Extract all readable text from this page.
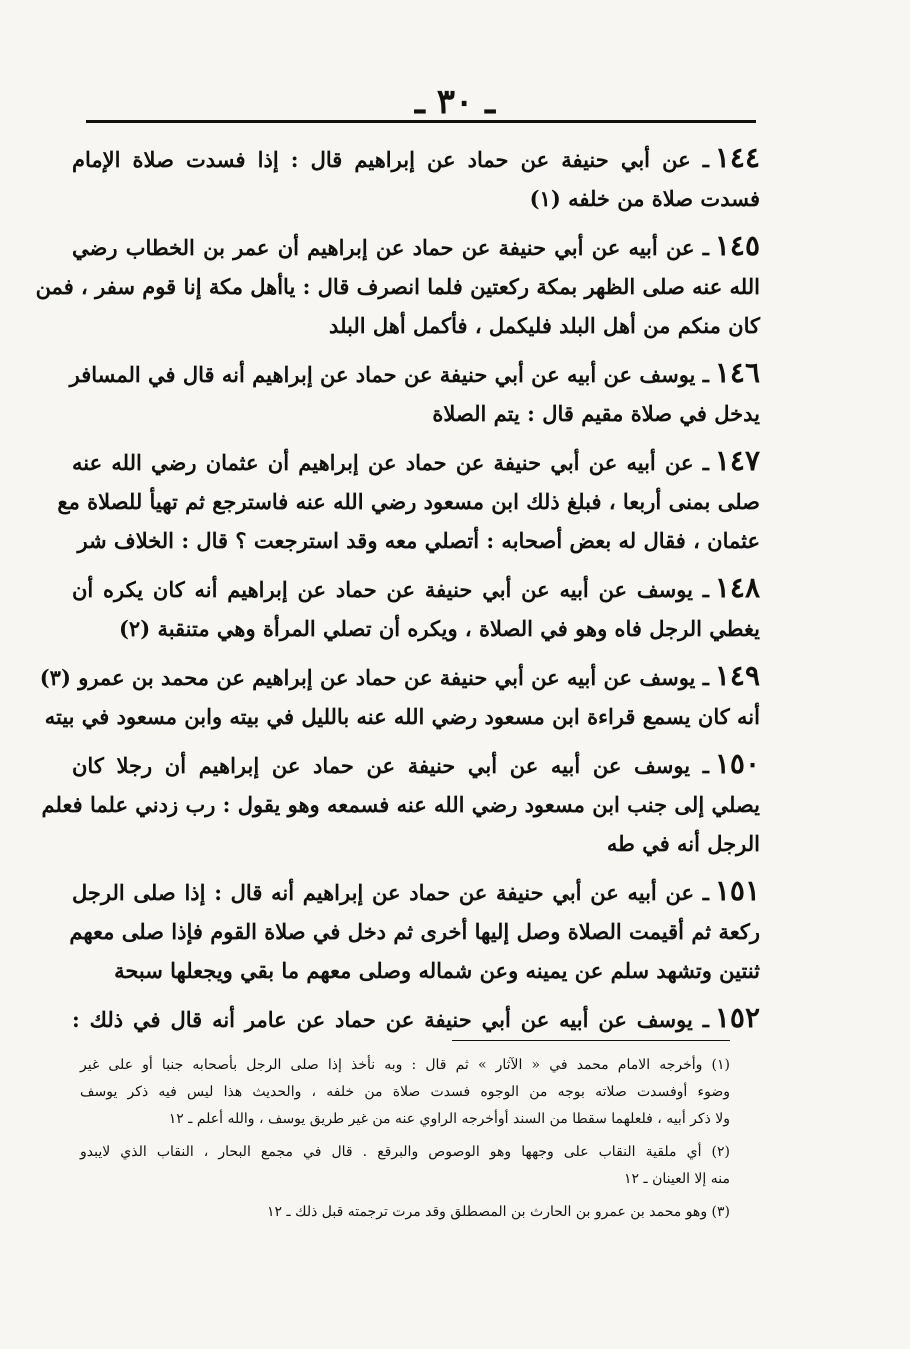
ـ ٣٠ ـ
١٤٤ـ عن أبي حنيفة عن حماد عن إبراهيم قال : إذا فسدت صلاة الإمام
فسدت صلاة من خلفه (١)
١٤٥ـ عن أبيه عن أبي حنيفة عن حماد عن إبراهيم أن عمر بن الخطاب رضي
الله عنه صلى الظهر بمكة ركعتين فلما انصرف قال : ياأهل مكة إنا قوم سفر ، فمن
كان منكم من أهل البلد فليكمل ، فأكمل أهل البلد
١٤٦ـ يوسف عن أبيه عن أبي حنيفة عن حماد عن إبراهيم أنه قال في المسافر
يدخل في صلاة مقيم قال : يتم الصلاة
١٤٧ـ عن أبيه عن أبي حنيفة عن حماد عن إبراهيم أن عثمان رضي الله عنه
صلى بمنى أربعا ، فبلغ ذلك ابن مسعود رضي الله عنه فاسترجع ثم تهيأ للصلاة مع
عثمان ، فقال له بعض أصحابه : أتصلي معه وقد استرجعت ؟ قال : الخلاف شر
١٤٨ـ يوسف عن أبيه عن أبي حنيفة عن حماد عن إبراهيم أنه كان يكره أن
يغطي الرجل فاه وهو في الصلاة ، ويكره أن تصلي المرأة وهي متنقبة (٢)
١٤٩ـ يوسف عن أبيه عن أبي حنيفة عن حماد عن إبراهيم عن محمد بن عمرو (٣)
أنه كان يسمع قراءة ابن مسعود رضي الله عنه بالليل في بيته وابن مسعود في بيته
١٥٠ـ يوسف عن أبيه عن أبي حنيفة عن حماد عن إبراهيم أن رجلا كان
يصلي إلى جنب ابن مسعود رضي الله عنه فسمعه وهو يقول : رب زدني علما فعلم
الرجل أنه في طه
١٥١ـ عن أبيه عن أبي حنيفة عن حماد عن إبراهيم أنه قال : إذا صلى الرجل
ركعة ثم أقيمت الصلاة وصل إليها أخرى ثم دخل في صلاة القوم فإذا صلى معهم
ثنتين وتشهد سلم عن يمينه وعن شماله وصلى معهم ما بقي ويجعلها سبحة
١٥٢ـ يوسف عن أبيه عن أبي حنيفة عن حماد عن عامر أنه قال في ذلك :
(١) وأخرجه الامام محمد في « الآثار » ثم قال : وبه نأخذ إذا صلى الرجل بأصحابه جنبا أو على غير
وضوء أوفسدت صلاته بوجه من الوجوه فسدت صلاة من خلفه ، والحديث هذا ليس فيه ذكر يوسف
ولا ذكر أبيه ، فلعلهما سقطا من السند أوأخرجه الراوي عنه من غير طريق يوسف ، والله أعلم ـ ١٢
(٢) أي ملقية النقاب على وجهها وهو الوصوص والبرقع . قال في مجمع البحار ، النقاب الذي لايبدو
منه إلا العينان ـ ١٢
(٣) وهو محمد بن عمرو بن الحارث بن المصطلق وقد مرت ترجمته قبل ذلك ـ ١٢
